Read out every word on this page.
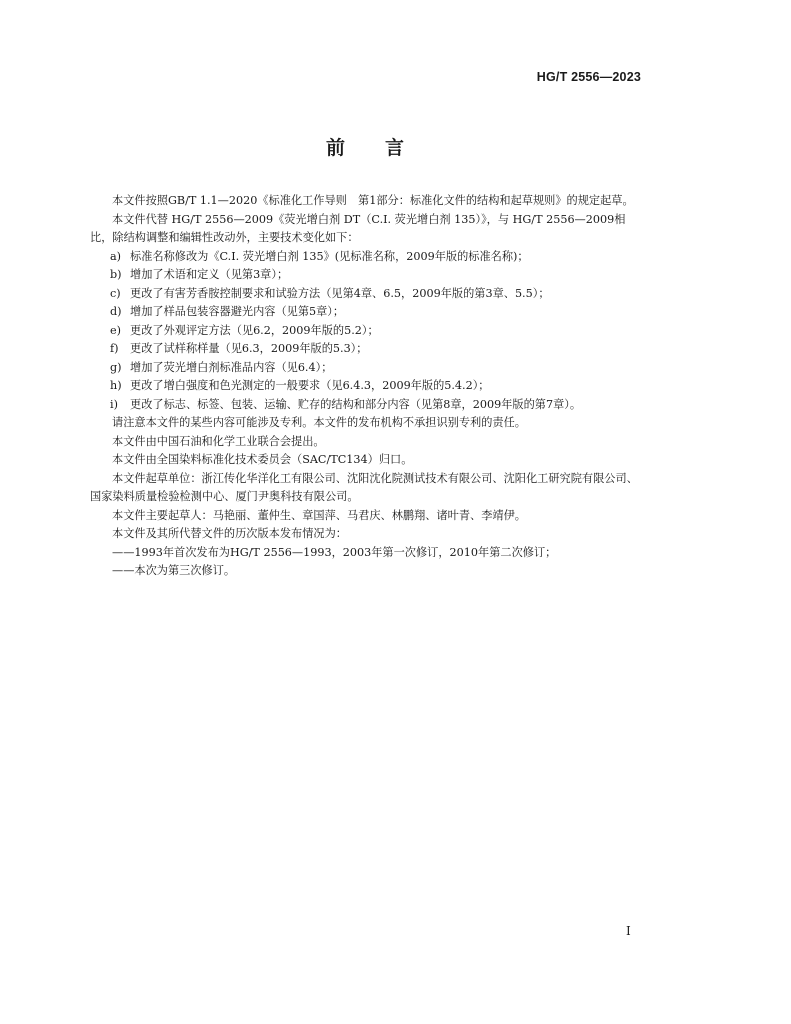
HG/T 2556—2023
前 言

本文件按照GB/T 1.1—2020《标准化工作导则　第1部分：标准化文件的结构和起草规则》的规定起草。

本文件代替 HG/T 2556—2009《荧光增白剂 DT（C.I. 荧光增白剂 135）》，与 HG/T 2556—2009相比，除结构调整和编辑性改动外，主要技术变化如下：

a) 标准名称修改为《C.I. 荧光增白剂 135》(见标准名称，2009年版的标准名称)；
b) 增加了术语和定义（见第3章）；
c) 更改了有害芳香胺控制要求和试验方法（见第4章、6.5，2009年版的第3章、5.5）；
d) 增加了样品包装容器避光内容（见第5章）；
e) 更改了外观评定方法（见6.2，2009年版的5.2）；
f)	更改了试样称样量（见6.3，2009年版的5.3）；
g) 增加了荧光增白剂标准品内容（见6.4）；
h) 更改了增白强度和色光测定的一般要求（见6.4.3，2009年版的5.4.2）；
i)	更改了标志、标签、包装、运输、贮存的结构和部分内容（见第8章，2009年版的第7章）。

请注意本文件的某些内容可能涉及专利。本文件的发布机构不承担识别专利的责任。

本文件由中国石油和化学工业联合会提出。

本文件由全国染料标准化技术委员会（SAC/TC134）归口。

本文件起草单位：浙江传化华洋化工有限公司、沈阳沈化院测试技术有限公司、沈阳化工研究院有限公司、国家染料质量检验检测中心、厦门尹奥科技有限公司。

本文件主要起草人：马艳丽、董仲生、章国萍、马君庆、林鹏翔、诸叶青、李靖伊。

本文件及其所代替文件的历次版本发布情况为：

——1993年首次发布为HG/T 2556—1993，2003年第一次修订，2010年第二次修订；

——本次为第三次修订。

I
